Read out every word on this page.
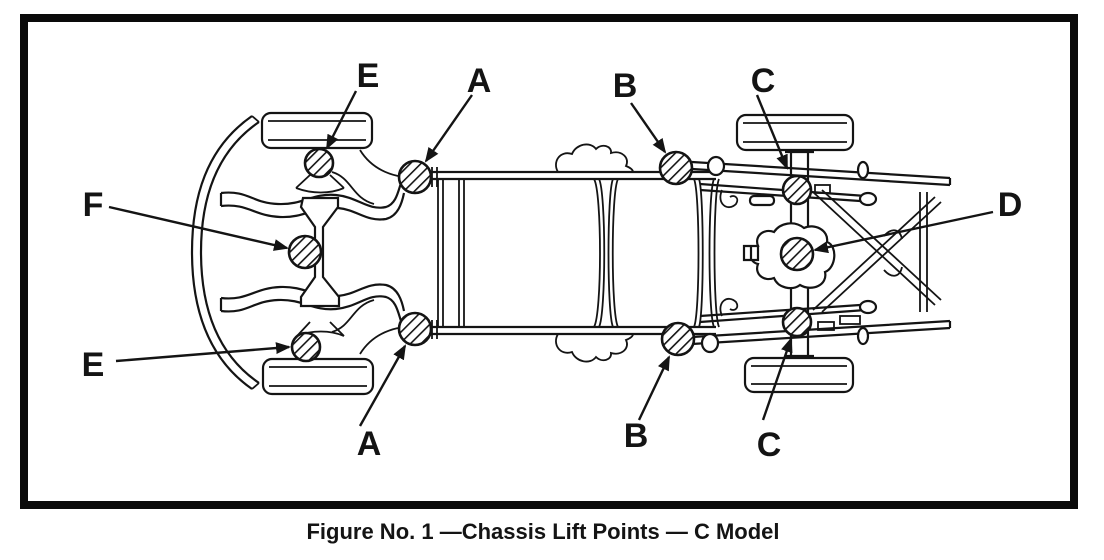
E	A	B	C
F	D
E
A	B	C
Figure No. 1 —Chassis Lift Points — C Model
